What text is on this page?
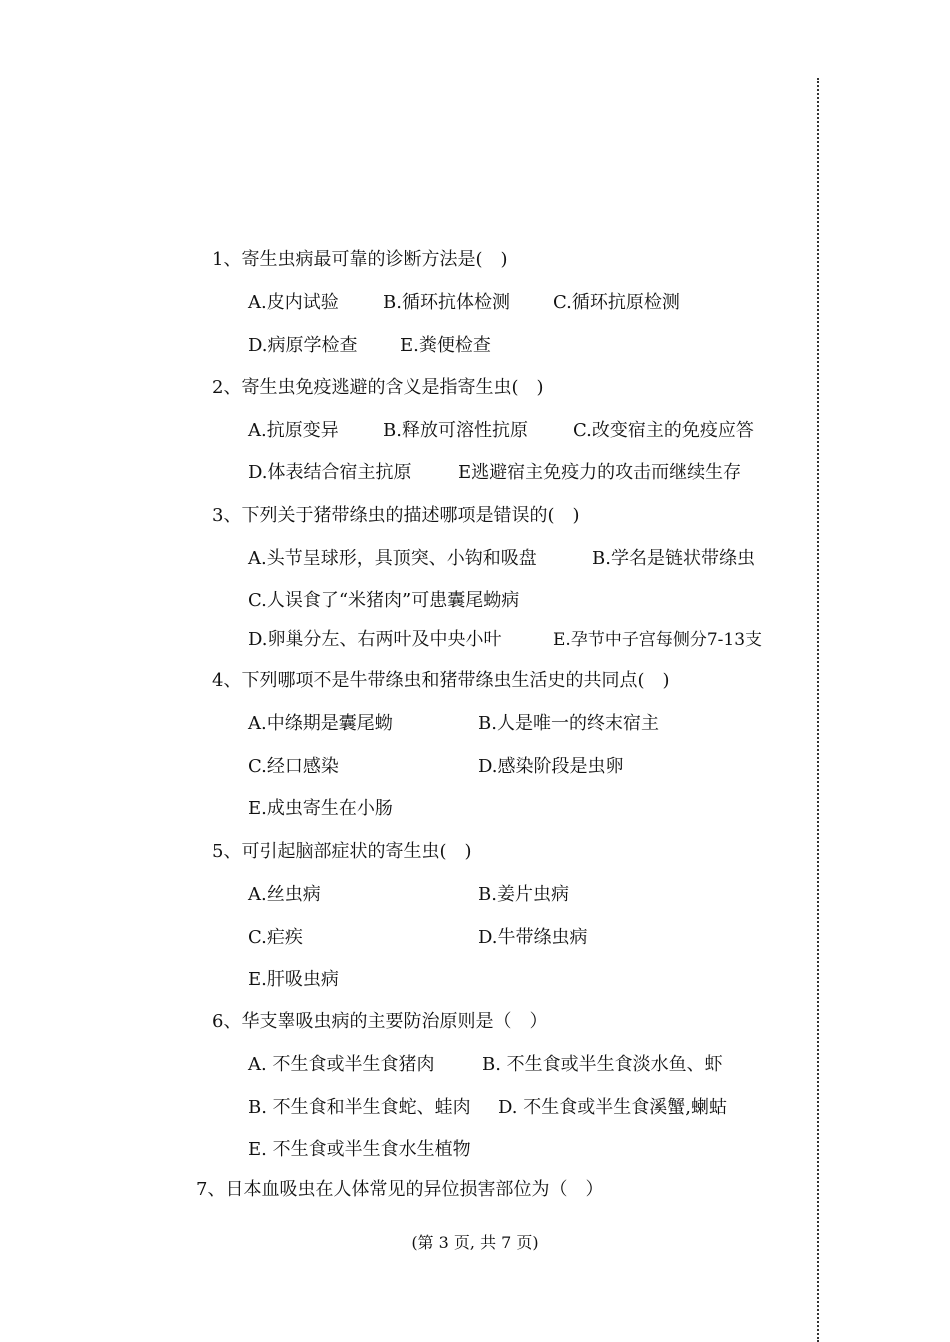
1、寄生虫病最可靠的诊断方法是(　)
A.皮内试验 B.循环抗体检测 C.循环抗原检测
D.病原学检查 E.粪便检查
2、寄生虫免疫逃避的含义是指寄生虫(　)
A.抗原变异 B.释放可溶性抗原	C.改变宿主的免疫应答
D.体表结合宿主抗原	E逃避宿主免疫力的攻击而继续生存
3、下列关于猪带绦虫的描述哪项是错误的(　)
A.头节呈球形，具顶突、小钩和吸盘	B.学名是链状带绦虫
C.人误食了“米猪肉”可患囊尾蚴病
D.卵巢分左、右两叶及中央小叶	E.孕节中子宫每侧分7-13支
4、下列哪项不是牛带绦虫和猪带绦虫生活史的共同点(　)
A.中绦期是囊尾蚴	B.人是唯一的终末宿主
C.经口感染	D.感染阶段是虫卵
E.成虫寄生在小肠
5、可引起脑部症状的寄生虫(　)
A.丝虫病	B.姜片虫病
C.疟疾	D.牛带绦虫病
E.肝吸虫病
6、华支睾吸虫病的主要防治原则是（　）
A. 不生食或半生食猪肉	B. 不生食或半生食淡水鱼、虾
B. 不生食和半生食蛇、蛙肉 D. 不生食或半生食溪蟹,蝲蛄
E. 不生食或半生食水生植物
7、日本血吸虫在人体常见的异位损害部位为（　）
(第 3 页, 共 7 页)
